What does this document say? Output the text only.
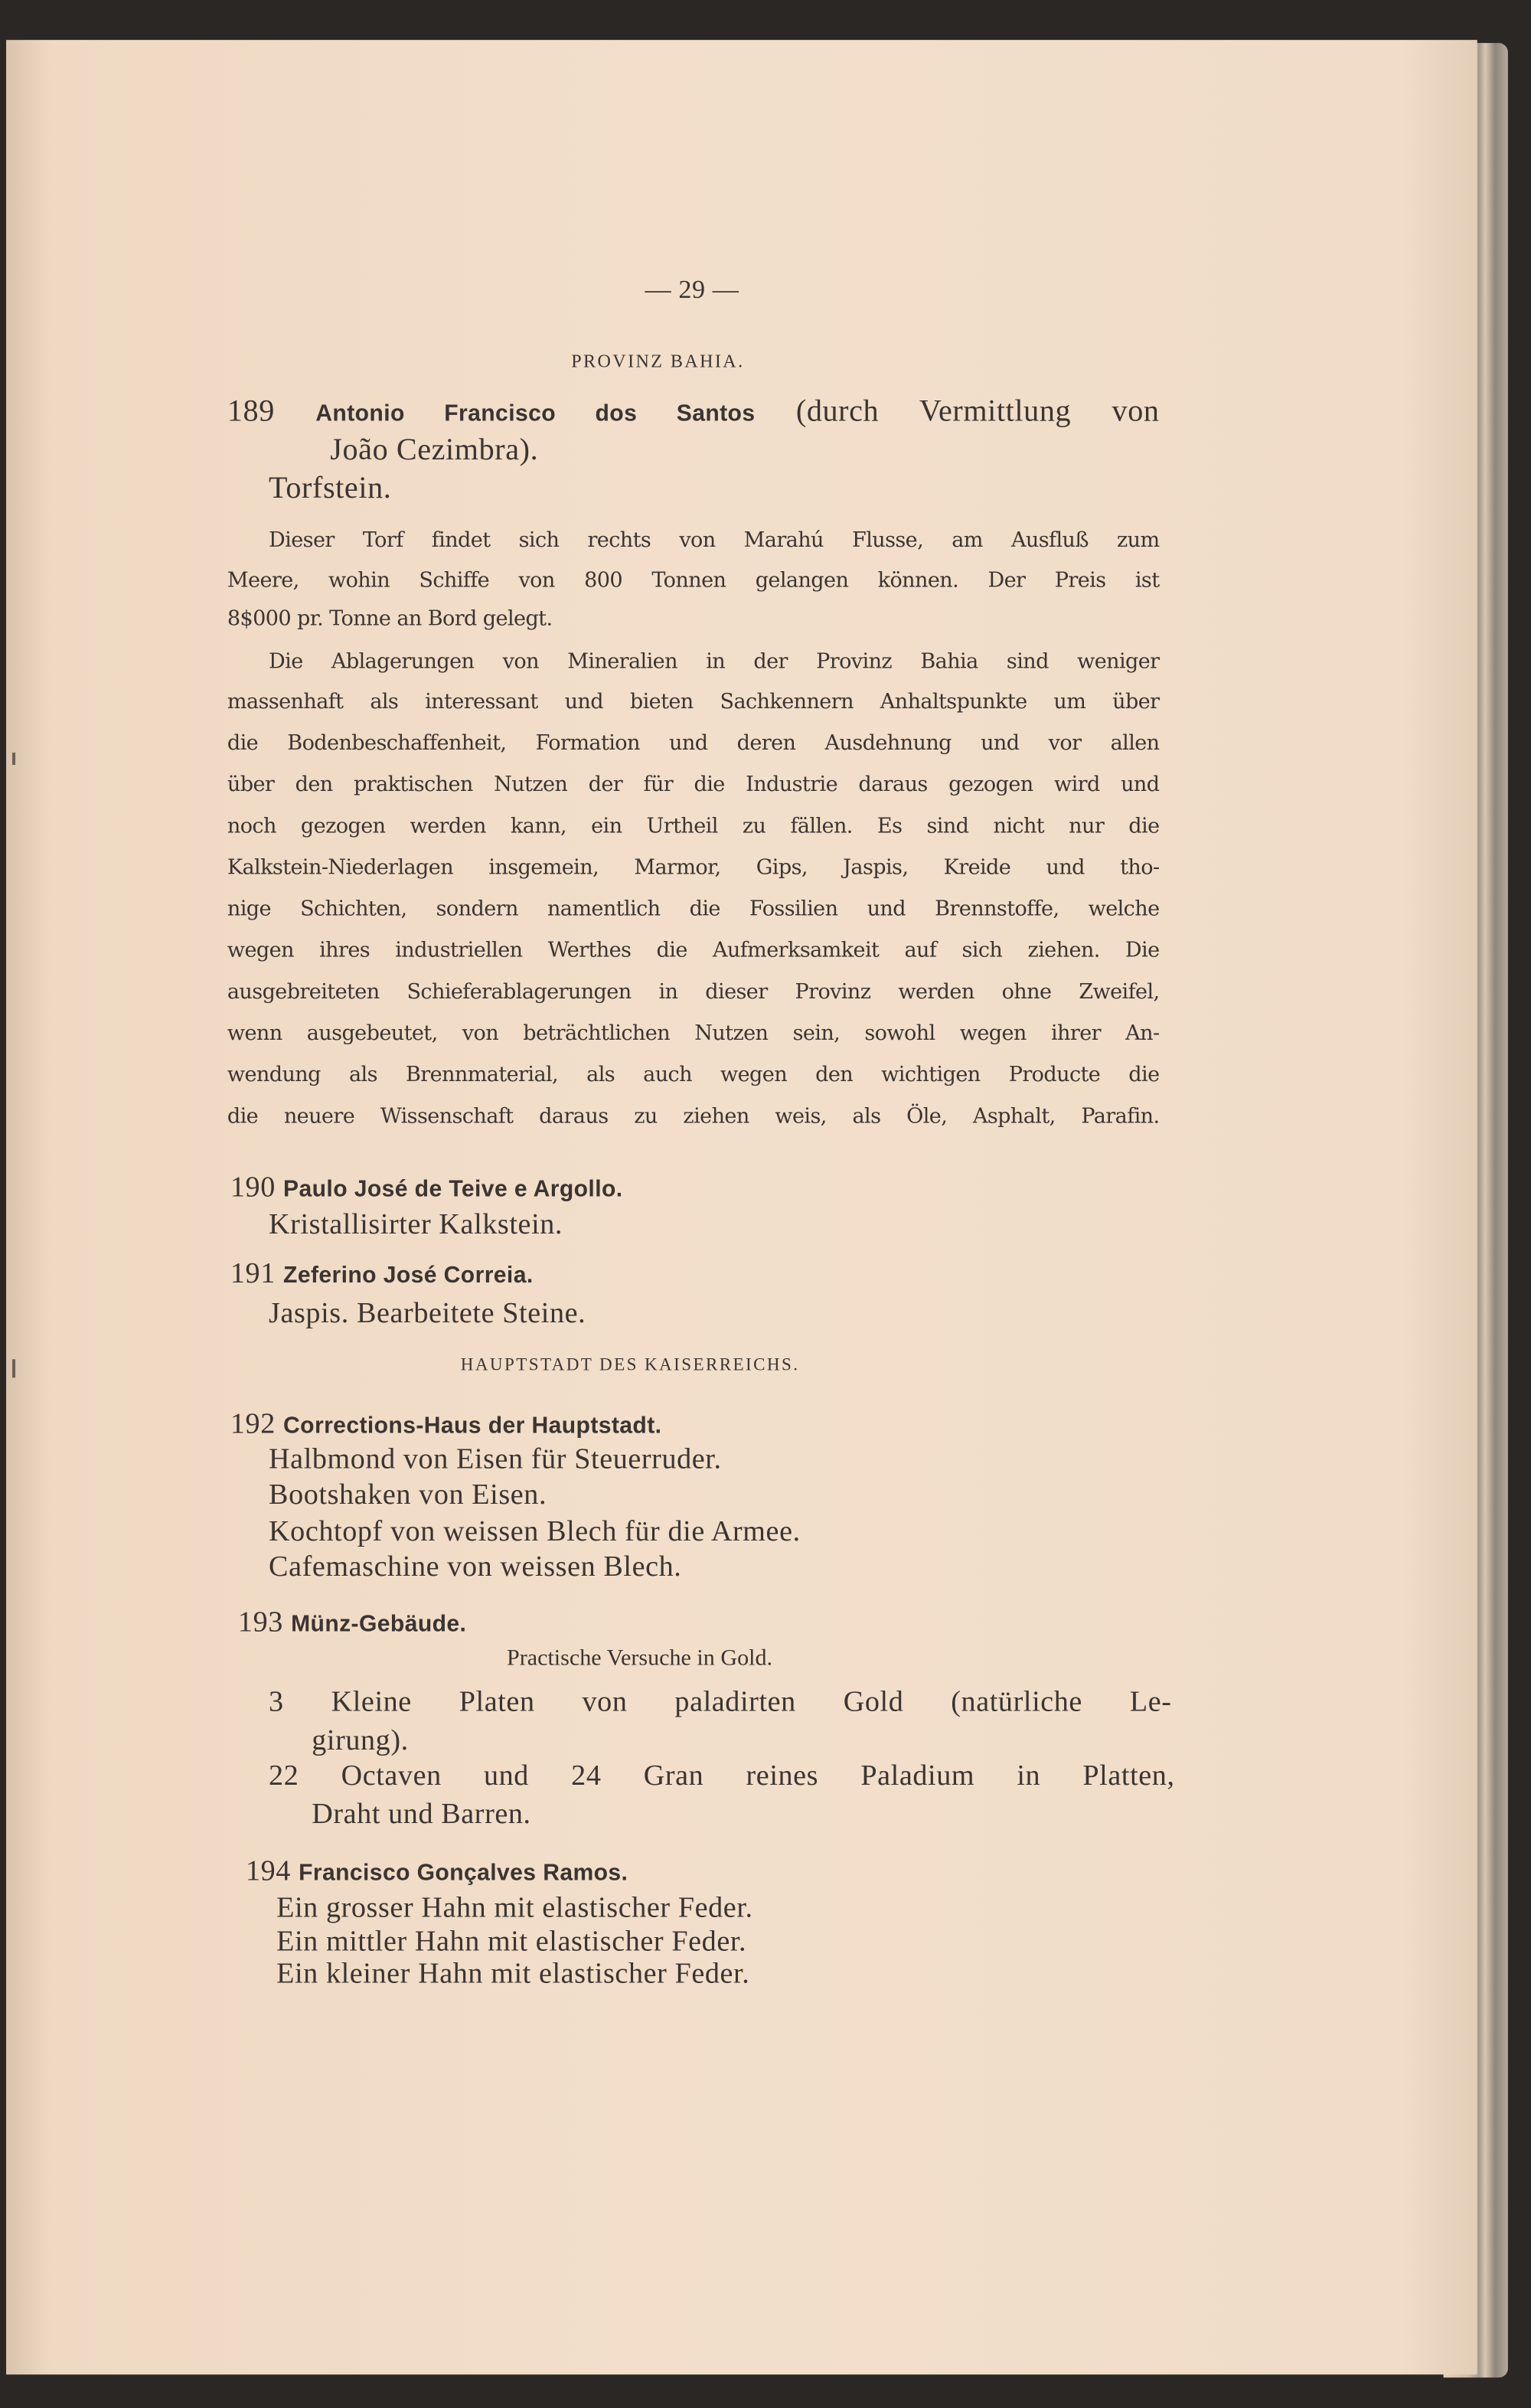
— 29 —
PROVINZ BAHIA.
189	Antonio Francisco dos Santos	(durch Vermittlung von
João Cezimbra).
Torfstein.
Dieser Torf findet sich rechts von Marahú Flusse, am Ausfluß zum
Meere, wohin Schiffe von 800 Tonnen gelangen können. Der Preis ist
8$000 pr. Tonne an Bord gelegt.
Die Ablagerungen von Mineralien in der Provinz Bahia sind weniger
massenhaft als interessant und bieten Sachkennern Anhaltspunkte um über
die Bodenbeschaffenheit, Formation und deren Ausdehnung und vor allen
über den praktischen Nutzen der für die Industrie daraus gezogen wird und
noch gezogen werden kann, ein Urtheil zu fällen. Es sind nicht nur die
Kalkstein-Niederlagen insgemein, Marmor, Gips, Jaspis, Kreide und tho-
nige Schichten, sondern namentlich die Fossilien und Brennstoffe, welche
wegen ihres industriellen Werthes die Aufmerksamkeit auf sich ziehen. Die
ausgebreiteten Schieferablagerungen in dieser Provinz werden ohne Zweifel,
wenn ausgebeutet, von beträchtlichen Nutzen sein, sowohl wegen ihrer An-
wendung als Brennmaterial, als auch wegen den wichtigen Producte die
die neuere Wissenschaft daraus zu ziehen weis, als Öle, Asphalt, Parafin.
190 Paulo José de Teive e Argollo.
Kristallisirter Kalkstein.
191 Zeferino José Correia.
Jaspis. Bearbeitete Steine.
HAUPTSTADT DES KAISERREICHS.
192 Corrections-Haus der Hauptstadt.
Halbmond von Eisen für Steuerruder.
Bootshaken von Eisen.
Kochtopf von weissen Blech für die Armee.
Cafemaschine von weissen Blech.
193 Münz-Gebäude.
Practische Versuche in Gold.
3 Kleine Platen von paladirten Gold (natürliche Le-
girung).
22 Octaven und 24 Gran reines Paladium in Platten,
Draht und Barren.
194 Francisco Gonçalves Ramos.
Ein grosser Hahn mit elastischer Feder.
Ein mittler Hahn mit elastischer Feder.
Ein kleiner Hahn mit elastischer Feder.
